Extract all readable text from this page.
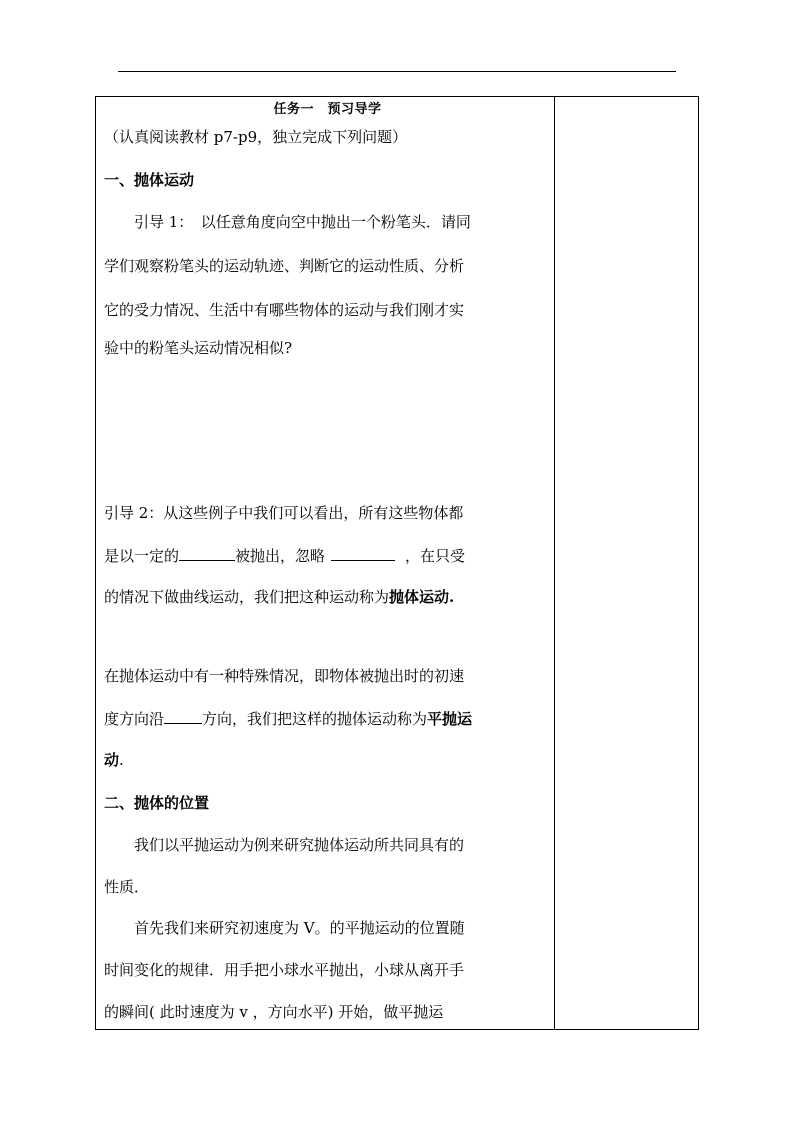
任务一　预习导学
（认真阅读教材 p7-p9，独立完成下列问题）
一、抛体运动
引导 1：　以任意角度向空中抛出一个粉笔头．请同
学们观察粉笔头的运动轨迹、判断它的运动性质、分析
它的受力情况、生活中有哪些物体的运动与我们刚才实
验中的粉笔头运动情况相似?
引导 2：从这些例子中我们可以看出，所有这些物体都
是以一定的	被抛出，忽略	，在只受
的情况下做曲线运动，我们把这种运动称为抛体运动.
在抛体运动中有一种特殊情况，即物体被抛出时的初速
度方向沿	方向，我们把这样的抛体运动称为平抛运
动.
二、抛体的位置
我们以平抛运动为例来研究抛体运动所共同具有的
性质．
首先我们来研究初速度为 V。的平抛运动的位置随
时间变化的规律．用手把小球水平抛出，小球从离开手
的瞬间( 此时速度为 v ，方向水平) 开始，做平抛运
